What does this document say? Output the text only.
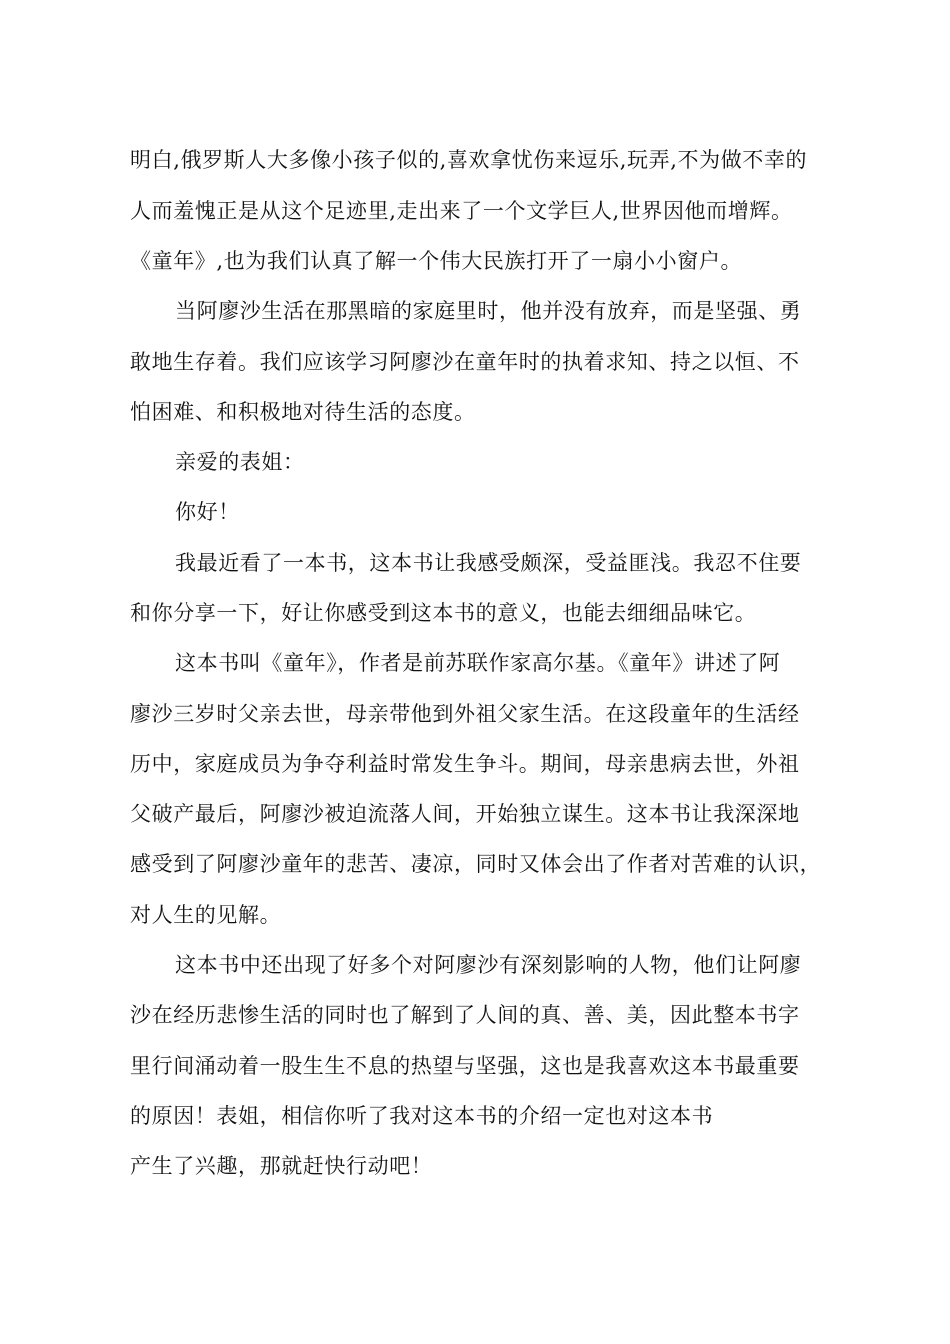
明白,俄罗斯人大多像小孩子似的,喜欢拿忧伤来逗乐,玩弄,不为做不幸的
人而羞愧正是从这个足迹里,走出来了一个文学巨人,世界因他而增辉。
《童年》,也为我们认真了解一个伟大民族打开了一扇小小窗户。
当阿廖沙生活在那黑暗的家庭里时，他并没有放弃，而是坚强、勇
敢地生存着。我们应该学习阿廖沙在童年时的执着求知、持之以恒、不
怕困难、和积极地对待生活的态度。
亲爱的表姐：
你好！
我最近看了一本书，这本书让我感受颇深，受益匪浅。我忍不住要
和你分享一下，好让你感受到这本书的意义，也能去细细品味它。
这本书叫《童年》，作者是前苏联作家高尔基。《童年》讲述了阿
廖沙三岁时父亲去世，母亲带他到外祖父家生活。在这段童年的生活经
历中，家庭成员为争夺利益时常发生争斗。期间，母亲患病去世，外祖
父破产最后，阿廖沙被迫流落人间，开始独立谋生。这本书让我深深地
感受到了阿廖沙童年的悲苦、凄凉，同时又体会出了作者对苦难的认识，
对人生的见解。
这本书中还出现了好多个对阿廖沙有深刻影响的人物，他们让阿廖
沙在经历悲惨生活的同时也了解到了人间的真、善、美，因此整本书字
里行间涌动着一股生生不息的热望与坚强，这也是我喜欢这本书最重要
的原因！表姐，相信你听了我对这本书的介绍一定也对这本书
产生了兴趣，那就赶快行动吧！
